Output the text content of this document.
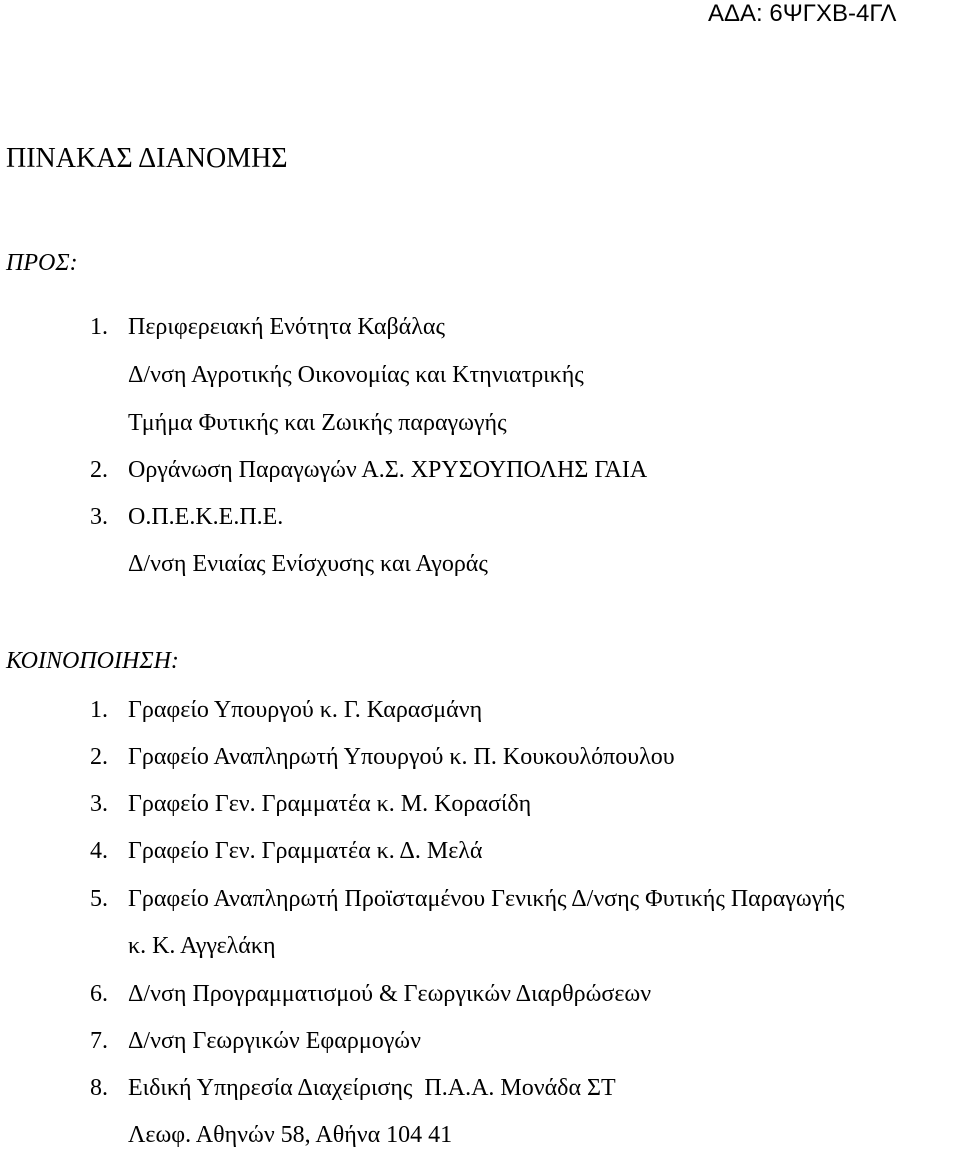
ΑΔΑ: 6ΨΓΧΒ-4ΓΛ
ΠΙΝΑΚΑΣ ΔΙΑΝΟΜΗΣ
ΠΡΟΣ:
1. Περιφερειακή Ενότητα Καβάλας
Δ/νση Αγροτικής Οικονομίας και Κτηνιατρικής
Τμήμα Φυτικής και Ζωικής παραγωγής
2. Οργάνωση Παραγωγών Α.Σ. ΧΡΥΣΟΥΠΟΛΗΣ ΓΑΙΑ
3. Ο.Π.Ε.Κ.Ε.Π.Ε.
Δ/νση Ενιαίας Ενίσχυσης και Αγοράς
ΚΟΙΝΟΠΟΙΗΣΗ:
1. Γραφείο Υπουργού κ. Γ. Καρασμάνη
2. Γραφείο Αναπληρωτή Υπουργού κ. Π. Κουκουλόπουλου
3. Γραφείο Γεν. Γραμματέα κ. Μ. Κορασίδη
4. Γραφείο Γεν. Γραμματέα κ. Δ. Μελά
5. Γραφείο Αναπληρωτή Προϊσταμένου Γενικής Δ/νσης Φυτικής Παραγωγής
κ. Κ. Αγγελάκη
6. Δ/νση Προγραμματισμού & Γεωργικών Διαρθρώσεων
7. Δ/νση Γεωργικών Εφαρμογών
8. Ειδική Υπηρεσία Διαχείρισης  Π.Α.Α. Μονάδα ΣΤ
Λεωφ. Αθηνών 58, Αθήνα 104 41
